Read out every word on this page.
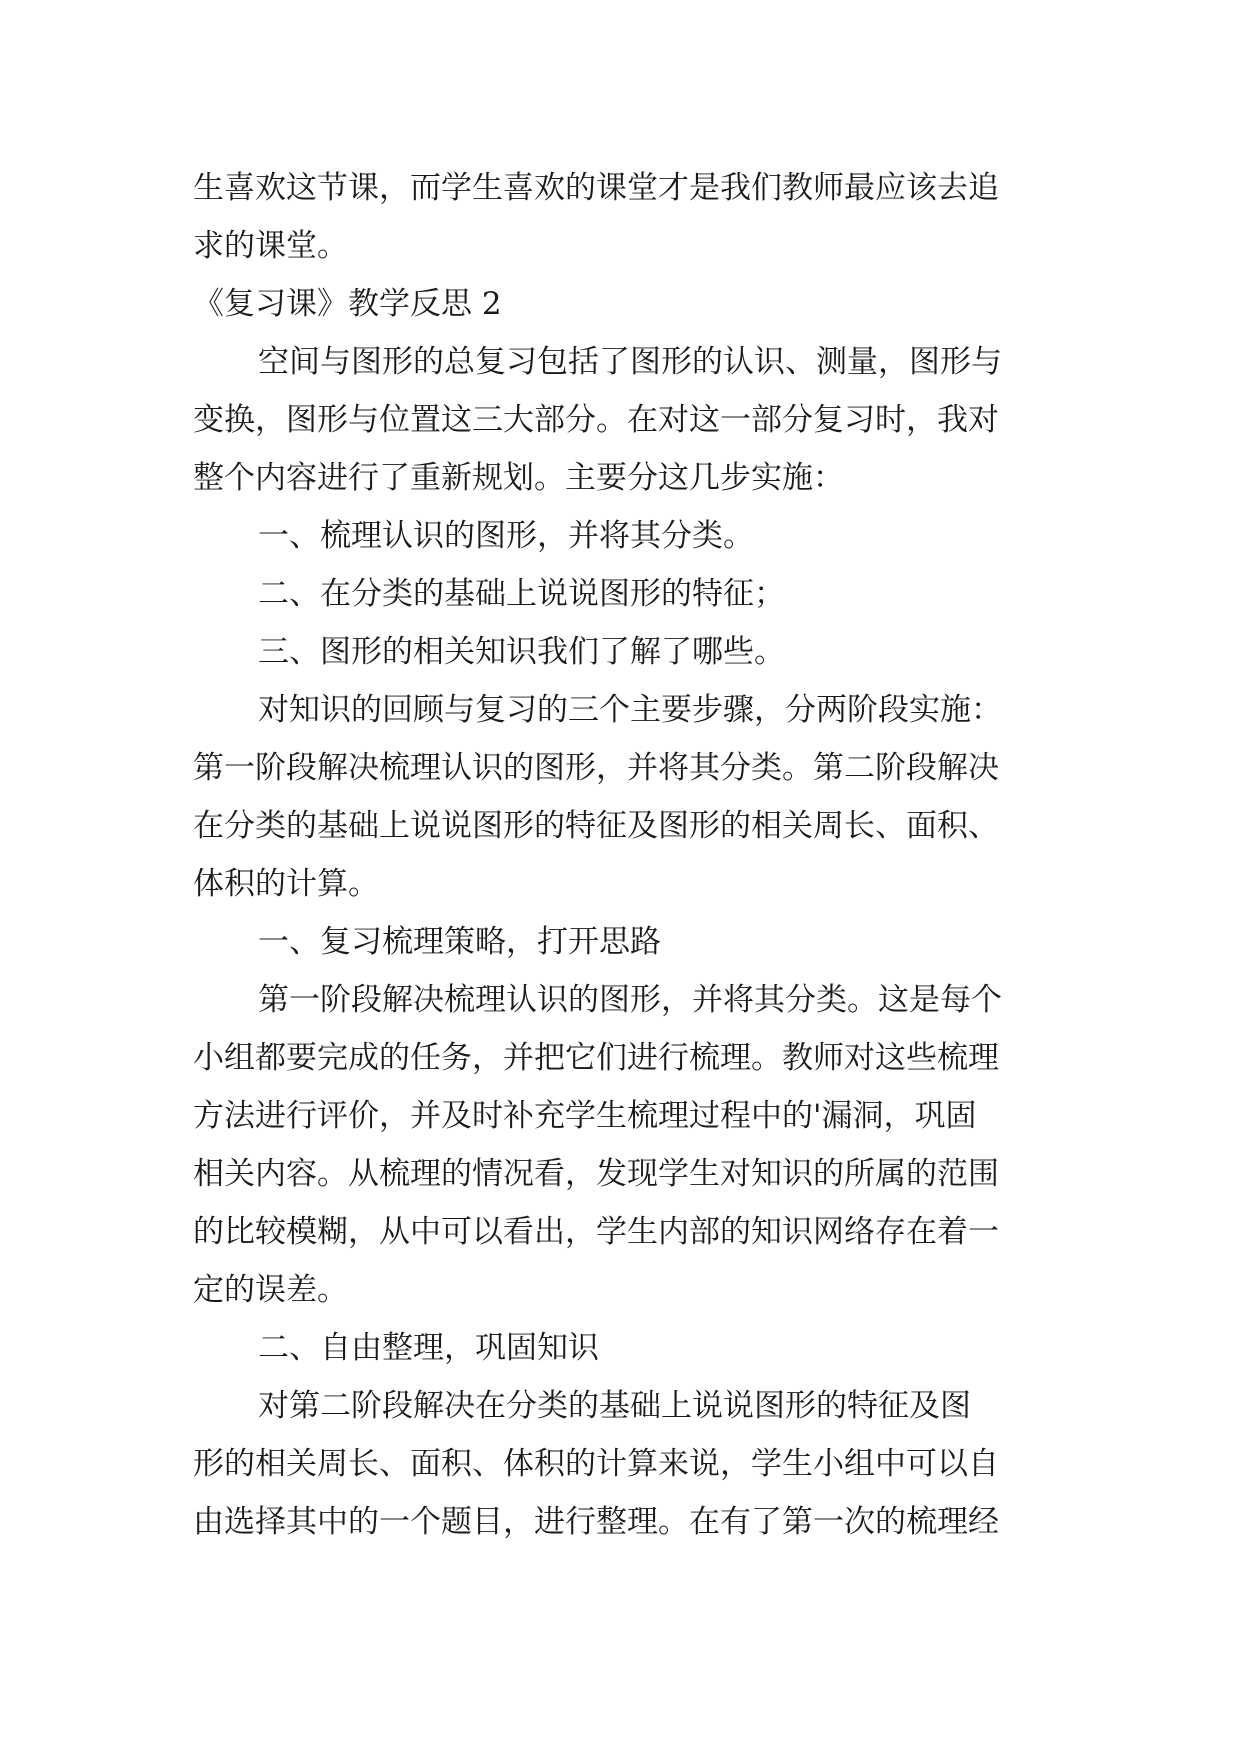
生喜欢这节课，而学生喜欢的课堂才是我们教师最应该去追

求的课堂。

《复习课》教学反思 2

空间与图形的总复习包括了图形的认识、测量，图形与

变换，图形与位置这三大部分。在对这一部分复习时，我对

整个内容进行了重新规划。主要分这几步实施：

一、梳理认识的图形，并将其分类。

二、在分类的基础上说说图形的特征；

三、图形的相关知识我们了解了哪些。

对知识的回顾与复习的三个主要步骤，分两阶段实施：

第一阶段解决梳理认识的图形，并将其分类。第二阶段解决

在分类的基础上说说图形的特征及图形的相关周长、面积、

体积的计算。

一、复习梳理策略，打开思路

第一阶段解决梳理认识的图形，并将其分类。这是每个

小组都要完成的任务，并把它们进行梳理。教师对这些梳理

方法进行评价，并及时补充学生梳理过程中的'漏洞，巩固

相关内容。从梳理的情况看，发现学生对知识的所属的范围

的比较模糊，从中可以看出，学生内部的知识网络存在着一

定的误差。

二、自由整理，巩固知识

对第二阶段解决在分类的基础上说说图形的特征及图

形的相关周长、面积、体积的计算来说，学生小组中可以自

由选择其中的一个题目，进行整理。在有了第一次的梳理经
